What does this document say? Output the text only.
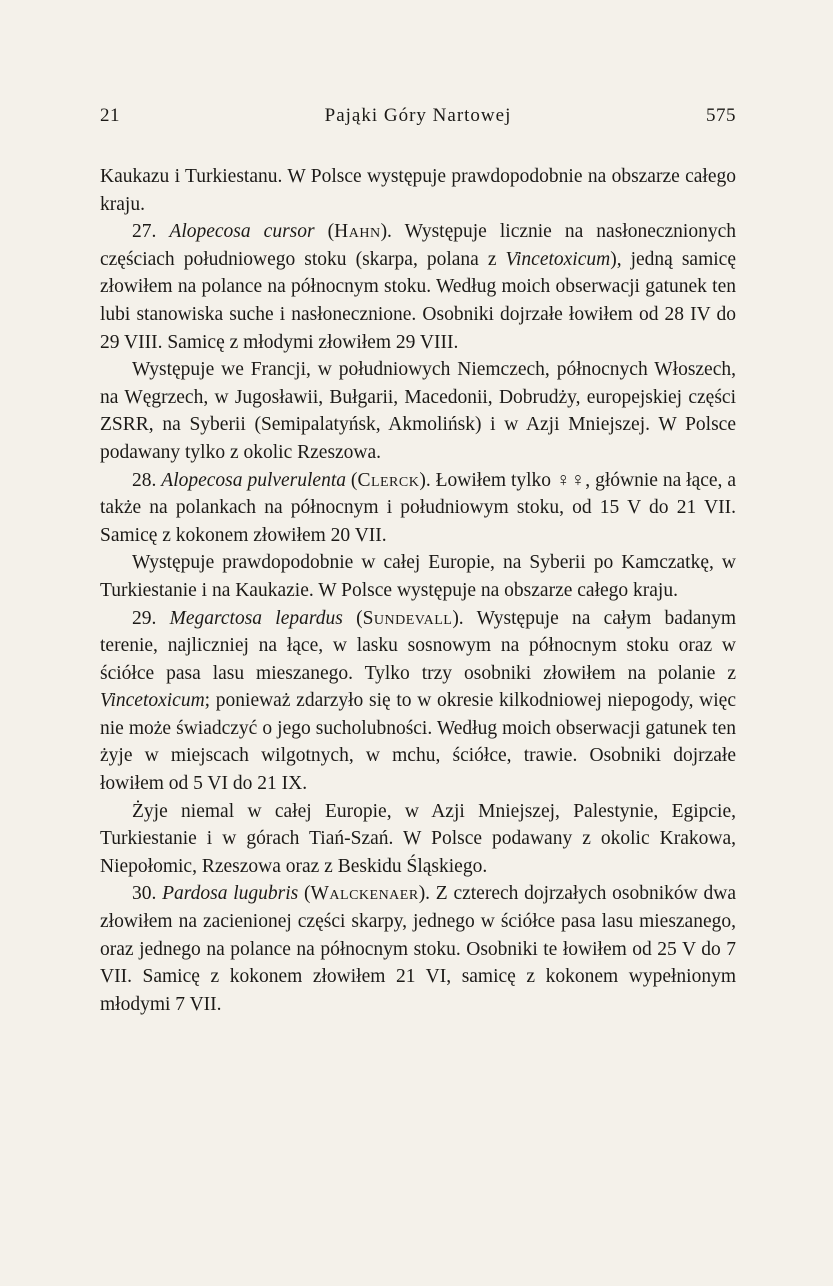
21	Pająki Góry Nartowej	575

Kaukazu i Turkiestanu. W Polsce występuje prawdopodobnie na obszarze całego kraju.

27. Alopecosa cursor (Hahn). Występuje licznie na nasłonecznionych częściach południowego stoku (skarpa, polana z Vincetoxicum), jedną samicę złowiłem na polance na północnym stoku. Według moich obserwacji gatunek ten lubi stanowiska suche i nasłonecznione. Osobniki dojrzałe łowiłem od 28 IV do 29 VIII. Samicę z młodymi złowiłem 29 VIII.

Występuje we Francji, w południowych Niemczech, północnych Włoszech, na Węgrzech, w Jugosławii, Bułgarii, Macedonii, Dobrudży, europejskiej części ZSRR, na Syberii (Semipalatyńsk, Akmolińsk) i w Azji Mniejszej. W Polsce podawany tylko z okolic Rzeszowa.

28. Alopecosa pulverulenta (Clerck). Łowiłem tylko ♀♀, głównie na łące, a także na polankach na północnym i południowym stoku, od 15 V do 21 VII. Samicę z kokonem złowiłem 20 VII.

Występuje prawdopodobnie w całej Europie, na Syberii po Kamczatkę, w Turkiestanie i na Kaukazie. W Polsce występuje na obszarze całego kraju.

29. Megarctosa lepardus (Sundevall). Występuje na całym badanym terenie, najliczniej na łące, w lasku sosnowym na północnym stoku oraz w ściółce pasa lasu mieszanego. Tylko trzy osobniki złowiłem na polanie z Vincetoxicum; ponieważ zdarzyło się to w okresie kilkodniowej niepogody, więc nie może świadczyć o jego sucholubności. Według moich obserwacji gatunek ten żyje w miejscach wilgotnych, w mchu, ściółce, trawie. Osobniki dojrzałe łowiłem od 5 VI do 21 IX.

Żyje niemal w całej Europie, w Azji Mniejszej, Palestynie, Egipcie, Turkiestanie i w górach Tiań-Szań. W Polsce podawany z okolic Krakowa, Niepołomic, Rzeszowa oraz z Beskidu Śląskiego.

30. Pardosa lugubris (Walckenaer). Z czterech dojrzałych osobników dwa złowiłem na zacienionej części skarpy, jednego w ściółce pasa lasu mieszanego, oraz jednego na polance na północnym stoku. Osobniki te łowiłem od 25 V do 7 VII. Samicę z kokonem złowiłem 21 VI, samicę z kokonem wypełnionym młodymi 7 VII.
